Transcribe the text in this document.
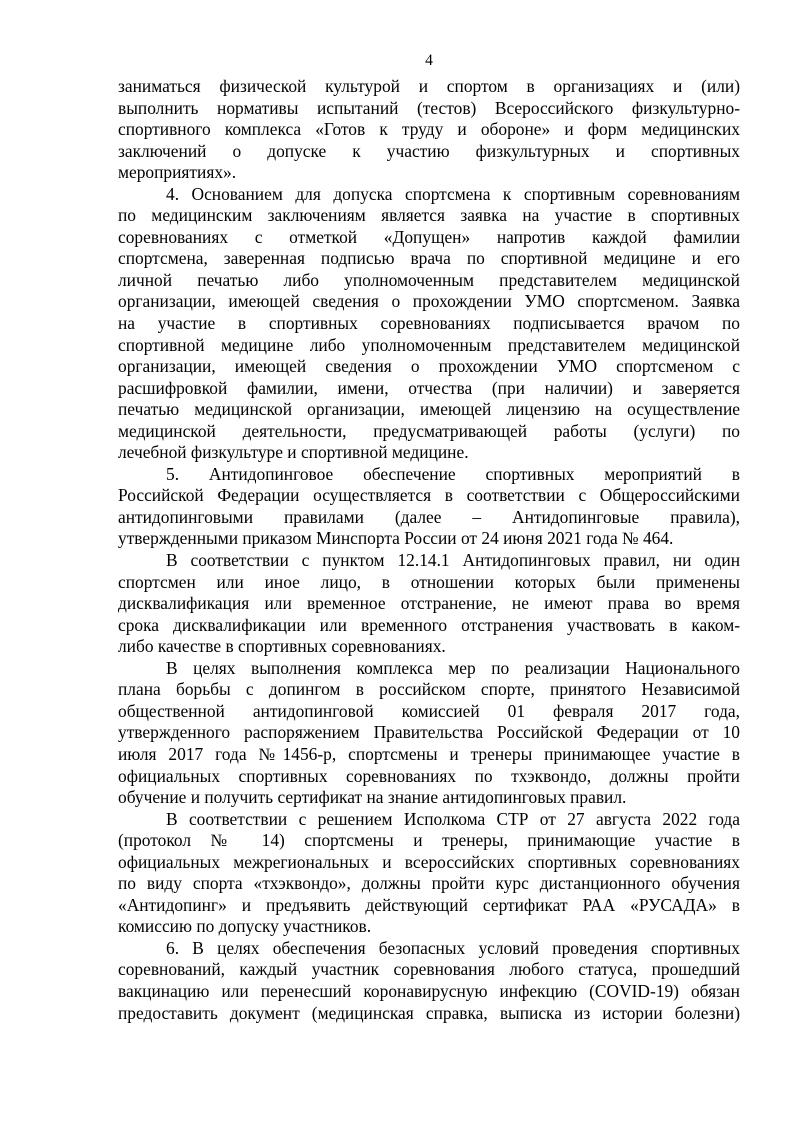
4
заниматься физической культурой и спортом в организациях и (или)
выполнить нормативы испытаний (тестов) Всероссийского физкультурно-
спортивного комплекса «Готов к труду и обороне» и форм медицинских
заключений о допуске к участию физкультурных и спортивных
мероприятиях».
4. Основанием для допуска спортсмена к спортивным соревнованиям
по медицинским заключениям является заявка на участие в спортивных
соревнованиях с отметкой «Допущен» напротив каждой фамилии
спортсмена, заверенная подписью врача по спортивной медицине и его
личной печатью либо уполномоченным представителем медицинской
организации, имеющей сведения о прохождении УМО спортсменом. Заявка
на участие в спортивных соревнованиях подписывается врачом по
спортивной медицине либо уполномоченным представителем медицинской
организации, имеющей сведения о прохождении УМО спортсменом с
расшифровкой фамилии, имени, отчества (при наличии) и заверяется
печатью медицинской организации, имеющей лицензию на осуществление
медицинской деятельности, предусматривающей работы (услуги) по
лечебной физкультуре и спортивной медицине.
5. Антидопинговое обеспечение спортивных мероприятий в
Российской Федерации осуществляется в соответствии с Общероссийскими
антидопинговыми правилами (далее – Антидопинговые правила),
утвержденными приказом Минспорта России от 24 июня 2021 года № 464.
В соответствии с пунктом 12.14.1 Антидопинговых правил, ни один
спортсмен или иное лицо, в отношении которых были применены
дисквалификация или временное отстранение, не имеют права во время
срока дисквалификации или временного отстранения участвовать в каком-
либо качестве в спортивных соревнованиях.
В целях выполнения комплекса мер по реализации Национального
плана борьбы с допингом в российском спорте, принятого Независимой
общественной антидопинговой комиссией 01 февраля 2017 года,
утвержденного распоряжением Правительства Российской Федерации от 10
июля 2017 года №1456-р, спортсмены и тренеры принимающее участие в
официальных спортивных соревнованиях по тхэквондо, должны пройти
обучение и получить сертификат на знание антидопинговых правил.
В соответствии с решением Исполкома СТР от 27 августа 2022 года
(протокол № 14) спортсмены и тренеры, принимающие участие в
официальных межрегиональных и всероссийских спортивных соревнованиях
по виду спорта «тхэквондо», должны пройти курс дистанционного обучения
«Антидопинг» и предъявить действующий сертификат РАА «РУСАДА» в
комиссию по допуску участников.
6. В целях обеспечения безопасных условий проведения спортивных
соревнований, каждый участник соревнования любого статуса, прошедший
вакцинацию или перенесший коронавирусную инфекцию (COVID-19) обязан
предоставить документ (медицинская справка, выписка из истории болезни)
